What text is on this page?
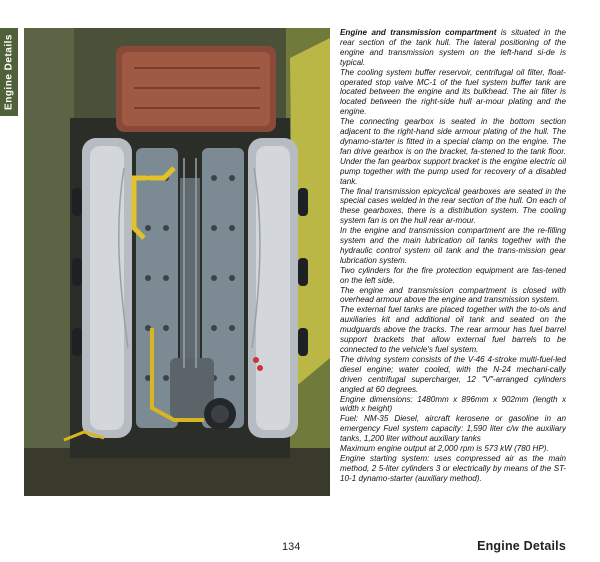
Engine Details

Engine and transmission compartment is situated in the rear section of the tank hull. The lateral positioning of the engine and transmission system on the left-hand si-de is typical.

The cooling system buffer reservoir, centrifugal oil filter, float-operated stop valve MC-1 of the fuel system buffer tank are located between the engine and its bulkhead. The air filter is located between the right-side hull ar-mour plating and the engine.

The connecting gearbox is seated in the bottom section adjacent to the right-hand side armour plating of the hull. The dynamo-starter is fitted in a special clamp on the engine. The fan drive gearbox is on the bracket, fa-stened to the tank floor. Under the fan gearbox support bracket is the engine electric oil pump together with the pump used for recovery of a disabled tank.

The final transmission epicyclical gearboxes are seated in the special cases welded in the rear section of the hull. On each of these gearboxes, there is a distribution system. The cooling system fan is on the hull rear ar-mour.

In the engine and transmission compartment are the re-filling system and the main lubrication oil tanks together with the hydraulic control system oil tank and the trans-mission gear lubrication system.

Two cylinders for the fire protection equipment are fas-tened on the left side.

The engine and transmission compartment is closed with overhead armour above the engine and transmission system.

The external fuel tanks are placed together with the to-ols and auxiliaries kit and additional oil tank and seated on the mudguards above the tracks. The rear armour has fuel barrel support brackets that allow external fuel barrels to be connected to the vehicle's fuel system.

The driving system consists of the V-46 4-stroke multi-fuel-led diesel engine; water cooled, with the N-24 mechani-cally driven centrifugal supercharger, 12 "V"-arranged cylinders angled at 60 degrees.

Engine dimensions: 1480mm x 896mm x 902mm (length x width x height)

Fuel: NM-35 Diesel, aircraft kerosene or gasoline in an emergency Fuel system capacity: 1,590 liter c/w the auxiliary tanks, 1,200 liter without auxiliary tanks

Maximum engine output at 2,000 rpm is 573 kW (780 HP).

Engine starting system: uses compressed air as the main method, 2 5-liter cylinders 3 or electrically by means of the ST-10-1 dynamo-starter (auxiliary method).

134	Engine Details
